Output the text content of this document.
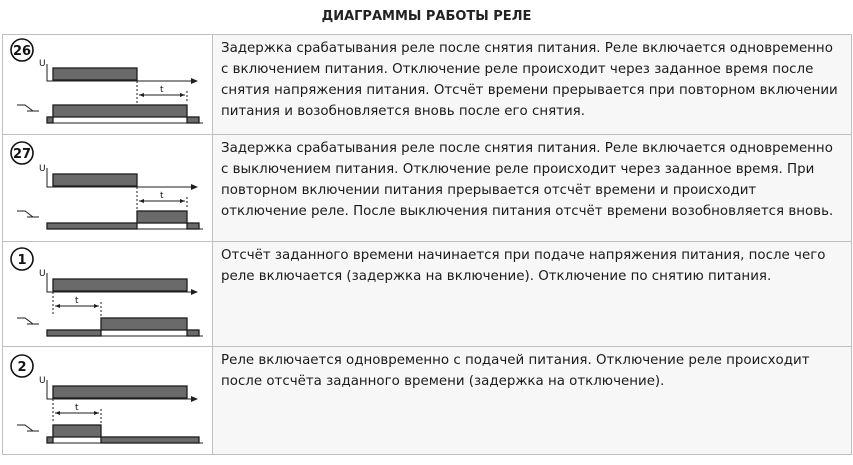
ДИАГРАММЫ РАБОТЫ РЕЛЕ
26
U
t
Задержка срабатывания реле после снятия питания. Реле включается одновременно с включением питания. Отключение реле происходит через заданное время после снятия напряжения питания. Отсчёт времени прерывается при повторном включении питания и возобновляется вновь после его снятия.
27
U
t
Задержка срабатывания реле после снятия питания. Реле включается одновременно с выключением питания. Отключение реле происходит через заданное время. При повторном включении питания прерывается отсчёт времени и происходит отключение реле. После выключения питания отсчёт времени возобновляется вновь.
1
U
t
Отсчёт заданного времени начинается при подаче напряжения питания, после чего реле включается (задержка на включение). Отключение по снятию питания.
2
U
t
Реле включается одновременно с подачей питания. Отключение реле происходит после отсчёта заданного времени (задержка на отключение).
